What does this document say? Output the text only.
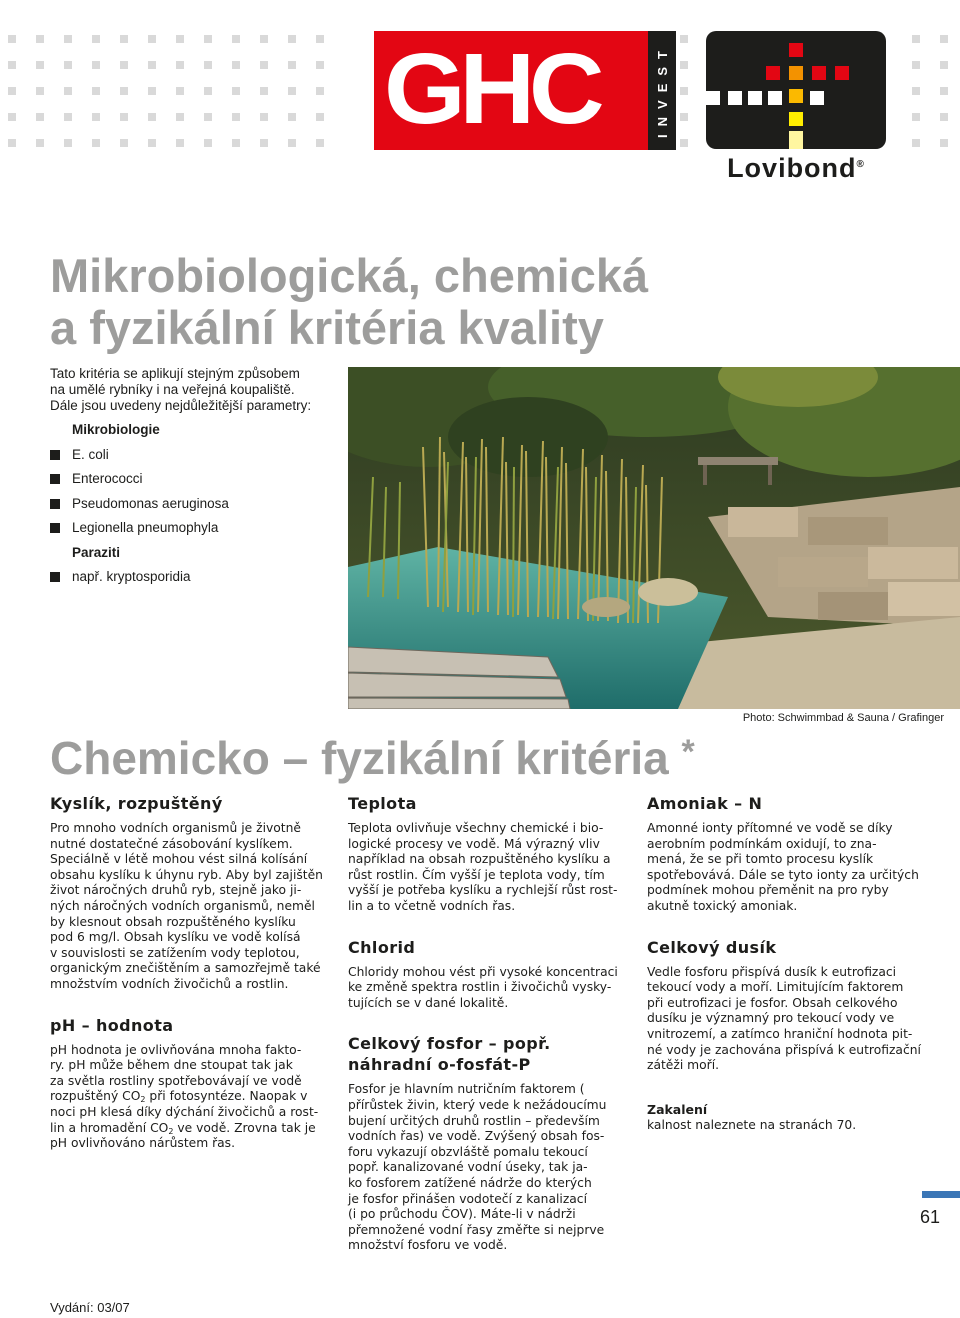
GHC	INVEST
Lovibond®
Mikrobiologická, chemická
a fyzikální kritéria kvality

Tato kritéria se aplikují stejným způsobem

na umělé rybníky i na veřejná koupaliště.

Dále jsou uvedeny nejdůležitější parametry:

Mikrobiologie
E. coli
Enterococci
Pseudomonas aeruginosa
Legionella pneumophyla
Paraziti
např. kryptosporidia
Photo: Schwimmbad & Sauna / Grafinger
Chemicko – fyzikální kritéria *
Kyslík, rozpuštěný

Pro mnoho vodních organismů je životně
nutné dostatečné zásobování kyslíkem.
Speciálně v létě mohou vést silná kolísání
obsahu kyslíku k úhynu ryb. Aby byl zajištěn
život náročných druhů ryb, stejně jako ji-
ných náročných vodních organismů, neměl
by klesnout obsah rozpuštěného kyslíku
pod 6 mg/l. Obsah kyslíku ve vodě kolísá
v souvislosti se zatížením vody teplotou,
organickým znečištěním a samozřejmě také
množstvím vodních živočichů a rostlin.

pH – hodnota

pH hodnota je ovlivňována mnoha fakto-
ry. pH může během dne stoupat tak jak
za světla rostliny spotřebovávají ve vodě
rozpuštěný $CO_2$ při fotosyntéze. Naopak v
noci pH klesá díky dýchání živočichů a rost-
lin a hromadění $CO_2$ ve vodě. Zrovna tak je
pH ovlivňováno nárůstem řas.

Teplota

Teplota ovlivňuje všechny chemické i bio-
logické procesy ve vodě. Má výrazný vliv
například na obsah rozpuštěného kyslíku a
růst rostlin. Čím vyšší je teplota vody, tím
vyšší je potřeba kyslíku a rychlejší růst rost-
lin a to včetně vodních řas.

Chlorid

Chloridy mohou vést při vysoké koncentraci
ke změně spektra rostlin i živočichů vysky-
tujících se v dané lokalitě.

Celkový fosfor – popř.
náhradní o-fosfát-P

Fosfor je hlavním nutričním faktorem (
přírůstek živin, který vede k nežádoucímu
bujení určitých druhů rostlin – především
vodních řas) ve vodě. Zvýšený obsah fos-
foru vykazují obzvláště pomalu tekoucí
popř. kanalizované vodní úseky, tak ja-
ko fosforem zatížené nádrže do kterých
je fosfor přinášen vodotečí z kanalizací
(i po průchodu ČOV). Máte-li v nádrži
přemnožené vodní řasy změřte si nejprve
množství fosforu ve vodě.

Amoniak – N

Amonné ionty přítomné ve vodě se díky
aerobním podmínkám oxidují, to zna-
mená, že se při tomto procesu kyslík
spotřebovává. Dále se tyto ionty za určitých
podmínek mohou přeměnit na pro ryby
akutně toxický amoniak.

Celkový dusík

Vedle fosforu přispívá dusík k eutrofizaci
tekoucí vody a moří. Limitujícím faktorem
při eutrofizaci je fosfor. Obsah celkového
dusíku je významný pro tekoucí vody ve
vnitrozemí, a zatímco hraniční hodnota pit-
né vody je zachována přispívá k eutrofizační
zátěži moří.

Zakalení

kalnost naleznete na stranách 70.

61
Vydání: 03/07
